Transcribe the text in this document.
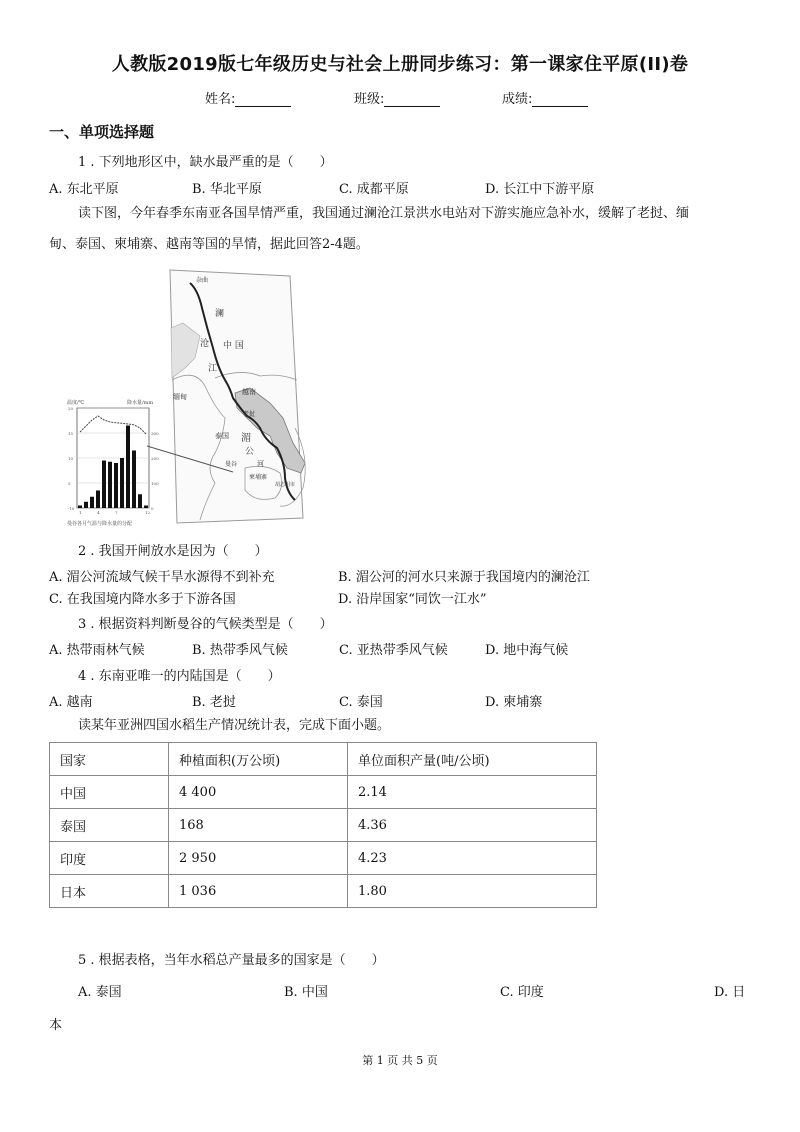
人教版2019版七年级历史与社会上册同步练习：第一课家住平原(II)卷
姓名:	班级:	成绩:
一、单项选择题
1 . 下列地形区中，缺水最严重的是（　　）
A. 东北平原	B. 华北平原	C. 成都平原	D. 长江中下游平原
读下图，今年春季东南亚各国旱情严重，我国通过澜沧江景洪水电站对下游实施应急补水，缓解了老挝、缅
甸、泰国、柬埔寨、越南等国的旱情，据此回答2-4题。
杂曲
澜
中 国
沧
江
缅甸
越南
老挝
泰国 湄
公
河
曼谷
柬埔寨
胡志明市
温度/℃	降水量/mm
20
15
10
5
-10
300
200
100
0
1	4	7	12
曼谷各月气温与降水量的分配
2 . 我国开闸放水是因为（　　）
A. 湄公河流域气候干旱水源得不到补充	B. 湄公河的河水只来源于我国境内的澜沧江
C. 在我国境内降水多于下游各国	D. 沿岸国家“同饮一江水”
3 . 根据资料判断曼谷的气候类型是（　　）
A. 热带雨林气候	B. 热带季风气候	C. 亚热带季风气候	D. 地中海气候
4 . 东南亚唯一的内陆国是（　　）
A. 越南	B. 老挝	C. 泰国	D. 柬埔寨
读某年亚洲四国水稻生产情况统计表，完成下面小题。
国家	种植面积(万公顷)	单位面积产量(吨/公顷)
中国	4 400	2.14
泰国	168	4.36
印度	2 950	4.23
日本	1 036	1.80
5 . 根据表格，当年水稻总产量最多的国家是（　　）
A. 泰国	B. 中国	C. 印度	D. 日
本
第 1 页 共 5 页
